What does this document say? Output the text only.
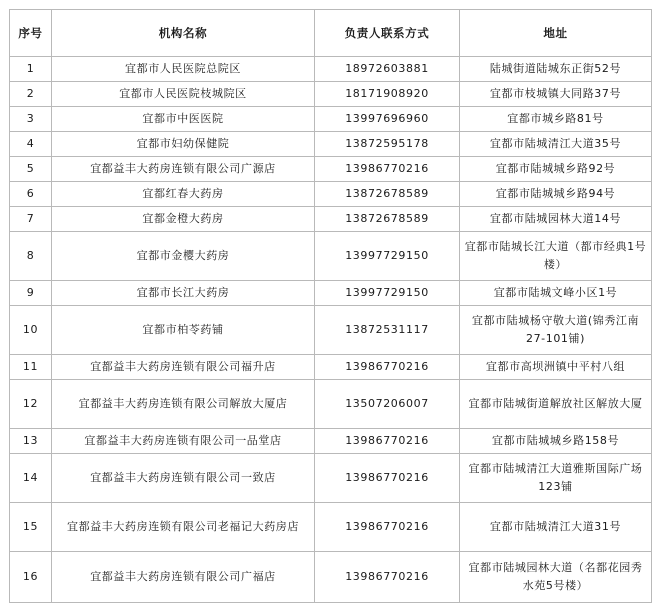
序号	机构名称	负责人联系方式	地址
1	宜都市人民医院总院区	18972603881	陆城街道陆城东正街52号
2	宜都市人民医院枝城院区	18171908920	宜都市枝城镇大同路37号
3	宜都市中医医院	13997696960	宜都市城乡路81号
4	宜都市妇幼保健院	13872595178	宜都市陆城清江大道35号
5	宜都益丰大药房连锁有限公司广源店	13986770216	宜都市陆城城乡路92号
6	宜都红春大药房	13872678589	宜都市陆城城乡路94号
7	宜都金橙大药房	13872678589	宜都市陆城园林大道14号
8	宜都市金樱大药房	13997729150	宜都市陆城长江大道（都市经典1号楼）
9	宜都市长江大药房	13997729150	宜都市陆城文峰小区1号
10	宜都市柏苓药铺	13872531117	宜都市陆城杨守敬大道(锦秀江南27-101铺)
11	宜都益丰大药房连锁有限公司福升店	13986770216	宜都市高坝洲镇中平村八组
12	宜都益丰大药房连锁有限公司解放大厦店	13507206007	宜都市陆城街道解放社区解放大厦
13	宜都益丰大药房连锁有限公司一品堂店	13986770216	宜都市陆城城乡路158号
14	宜都益丰大药房连锁有限公司一致店	13986770216	宜都市陆城清江大道雅斯国际广场123铺
15	宜都益丰大药房连锁有限公司老福记大药房店	13986770216	宜都市陆城清江大道31号
16	宜都益丰大药房连锁有限公司广福店	13986770216	宜都市陆城园林大道（名都花园秀水苑5号楼）
